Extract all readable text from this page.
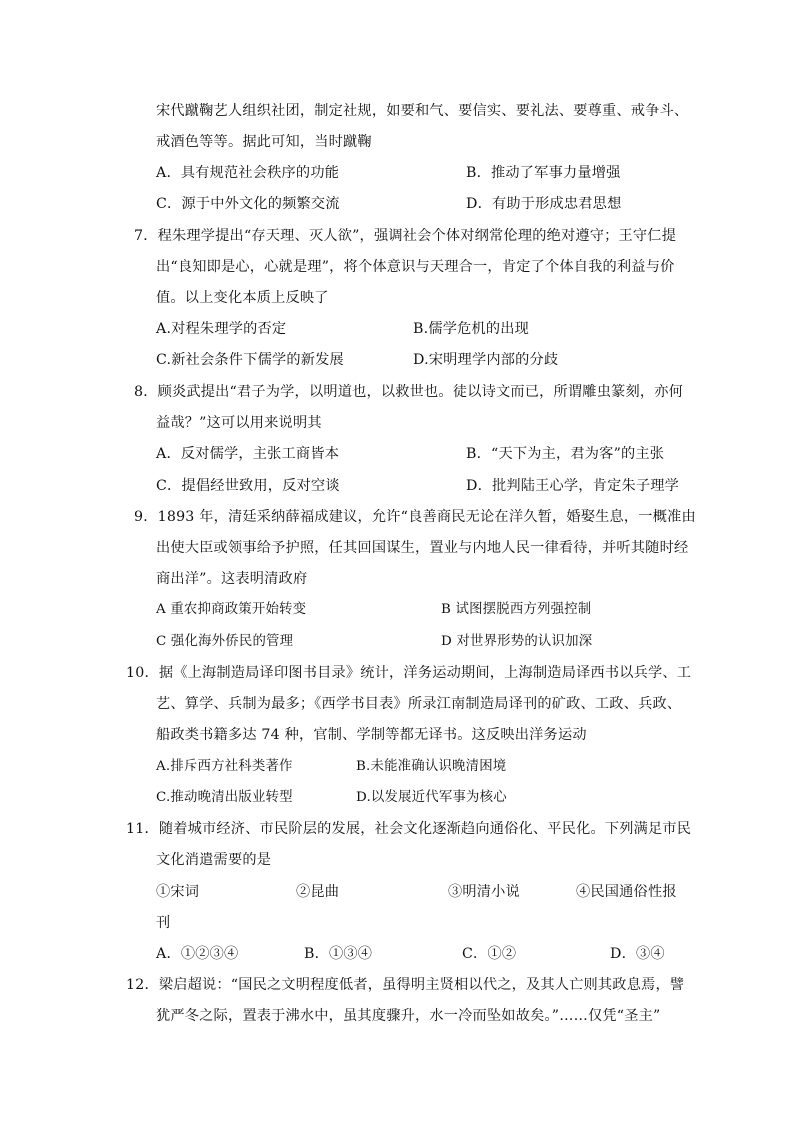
宋代蹴鞠艺人组织社团，制定社规，如要和气、要信实、要礼法、要尊重、戒争斗、
戒酒色等等。据此可知，当时蹴鞠
A．具有规范社会秩序的功能	B．推动了军事力量增强
C．源于中外文化的频繁交流	D．有助于形成忠君思想
7．程朱理学提出“存天理、灭人欲”，强调社会个体对纲常伦理的绝对遵守；王守仁提
出“良知即是心，心就是理”，将个体意识与天理合一，肯定了个体自我的利益与价
值。以上变化本质上反映了
A.对程朱理学的否定	B.儒学危机的出现
C.新社会条件下儒学的新发展	D.宋明理学内部的分歧
8．顾炎武提出“君子为学，以明道也，以救世也。徒以诗文而已，所谓雕虫篆刻，亦何
益哉？”这可以用来说明其
A．反对儒学，主张工商皆本	B．“天下为主，君为客”的主张
C．提倡经世致用，反对空谈	D．批判陆王心学，肯定朱子理学
9．1893 年，清廷采纳薛福成建议，允许“良善商民无论在洋久暂，婚娶生息，一概准由
出使大臣或领事给予护照，任其回国谋生，置业与内地人民一律看待，并听其随时经
商出洋”。这表明清政府
A 重农抑商政策开始转变	B 试图摆脱西方列强控制
C 强化海外侨民的管理	D 对世界形势的认识加深
10．据《上海制造局译印图书目录》统计，洋务运动期间，上海制造局译西书以兵学、工
艺、算学、兵制为最多；《西学书目表》所录江南制造局译刊的矿政、工政、兵政、
船政类书籍多达 74 种，官制、学制等都无译书。这反映出洋务运动
A.排斥西方社科类著作	B.未能准确认识晚清困境
C.推动晚清出版业转型	D.以发展近代军事为核心
11．随着城市经济、市民阶层的发展，社会文化逐渐趋向通俗化、平民化。下列满足市民
文化消遣需要的是
①宋词	②昆曲	③明清小说	④民国通俗性报
刊
A．①②③④	B．①③④	C．①②	D．③④
12．梁启超说：“国民之文明程度低者，虽得明主贤相以代之，及其人亡则其政息焉，譬
犹严冬之际，置表于沸水中，虽其度骤升，水一冷而坠如故矣。”……仅凭“圣主”
